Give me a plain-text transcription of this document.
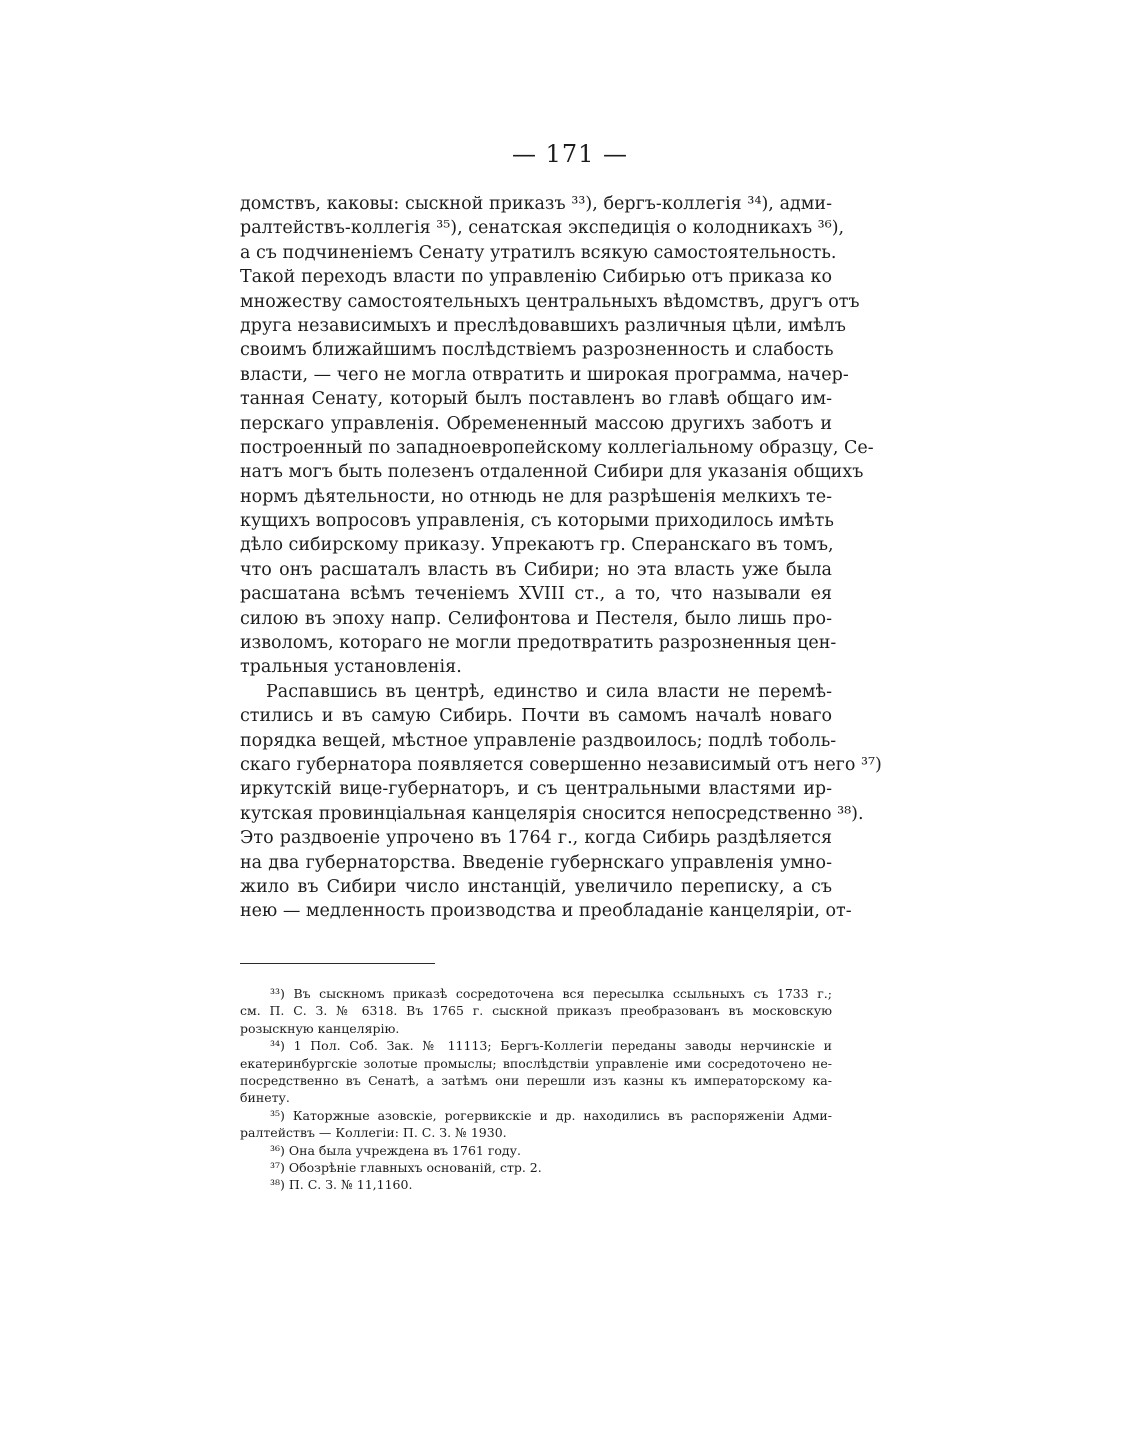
— 171 —
домствъ, каковы: сыскной приказъ ³³), бергъ-коллегія ³⁴), адми-
ралтействъ-коллегія ³⁵), сенатская экспедиція о колодникахъ ³⁶),
а съ подчиненіемъ Сенату утратилъ всякую самостоятельность.
Такой переходъ власти по управленію Сибирью отъ приказа ко
множеству самостоятельныхъ центральныхъ вѣдомствъ, другъ отъ
друга независимыхъ и преслѣдовавшихъ различныя цѣли, имѣлъ
своимъ ближайшимъ послѣдствіемъ разрозненность и слабость
власти, — чего не могла отвратить и широкая программа, начер-
танная Сенату, который былъ поставленъ во главѣ общаго им-
перскаго управленія. Обремененный массою другихъ заботъ и
построенный по западноевропейскому коллегіальному образцу, Се-
натъ могъ быть полезенъ отдаленной Сибири для указанія общихъ
нормъ дѣятельности, но отнюдь не для разрѣшенія мелкихъ те-
кущихъ вопросовъ управленія, съ которыми приходилось имѣть
дѣло сибирскому приказу. Упрекаютъ гр. Сперанскаго въ томъ,
что онъ расшаталъ власть въ Сибири; но эта власть уже была
расшатана всѣмъ теченіемъ XVIII ст., а то, что называли ея
силою въ эпоху напр. Селифонтова и Пестеля, было лишь про-
изволомъ, котораго не могли предотвратить разрозненныя цен-
тральныя установленія.
Распавшись въ центрѣ, единство и сила власти не перемѣ-
стились и въ самую Сибирь. Почти въ самомъ началѣ новаго
порядка вещей, мѣстное управленіе раздвоилось; подлѣ тоболь-
скаго губернатора появляется совершенно независимый отъ него ³⁷)
иркутскій вице-губернаторъ, и съ центральными властями ир-
кутская провинціальная канцелярія сносится непосредственно ³⁸).
Это раздвоеніе упрочено въ 1764 г., когда Сибирь раздѣляется
на два губернаторства. Введеніе губернскаго управленія умно-
жило въ Сибири число инстанцій, увеличило переписку, а съ
нею — медленность производства и преобладаніе канцеляріи, от-
³³) Въ сыскномъ приказѣ сосредоточена вся пересылка ссыльныхъ съ 1733 г.;
см. П. С. З. № 6318. Въ 1765 г. сыскной приказъ преобразованъ въ московскую
розыскную канцелярію.
³⁴) 1 Пол. Соб. Зак. № 11113; Бергъ-Коллегіи переданы заводы нерчинскіе и
екатеринбургскіе золотые промыслы; впослѣдствіи управленіе ими сосредоточено не-
посредственно въ Сенатѣ, а затѣмъ они перешли изъ казны къ императорскому ка-
бинету.
³⁵) Каторжные азовскіе, рогервикскіе и др. находились въ распоряженіи Адми-
ралтействъ — Коллегіи: П. С. З. № 1930.
³⁶) Она была учреждена въ 1761 году.
³⁷) Обозрѣніе главныхъ основаній, стр. 2.
³⁸) П. С. З. № 11,1160.
